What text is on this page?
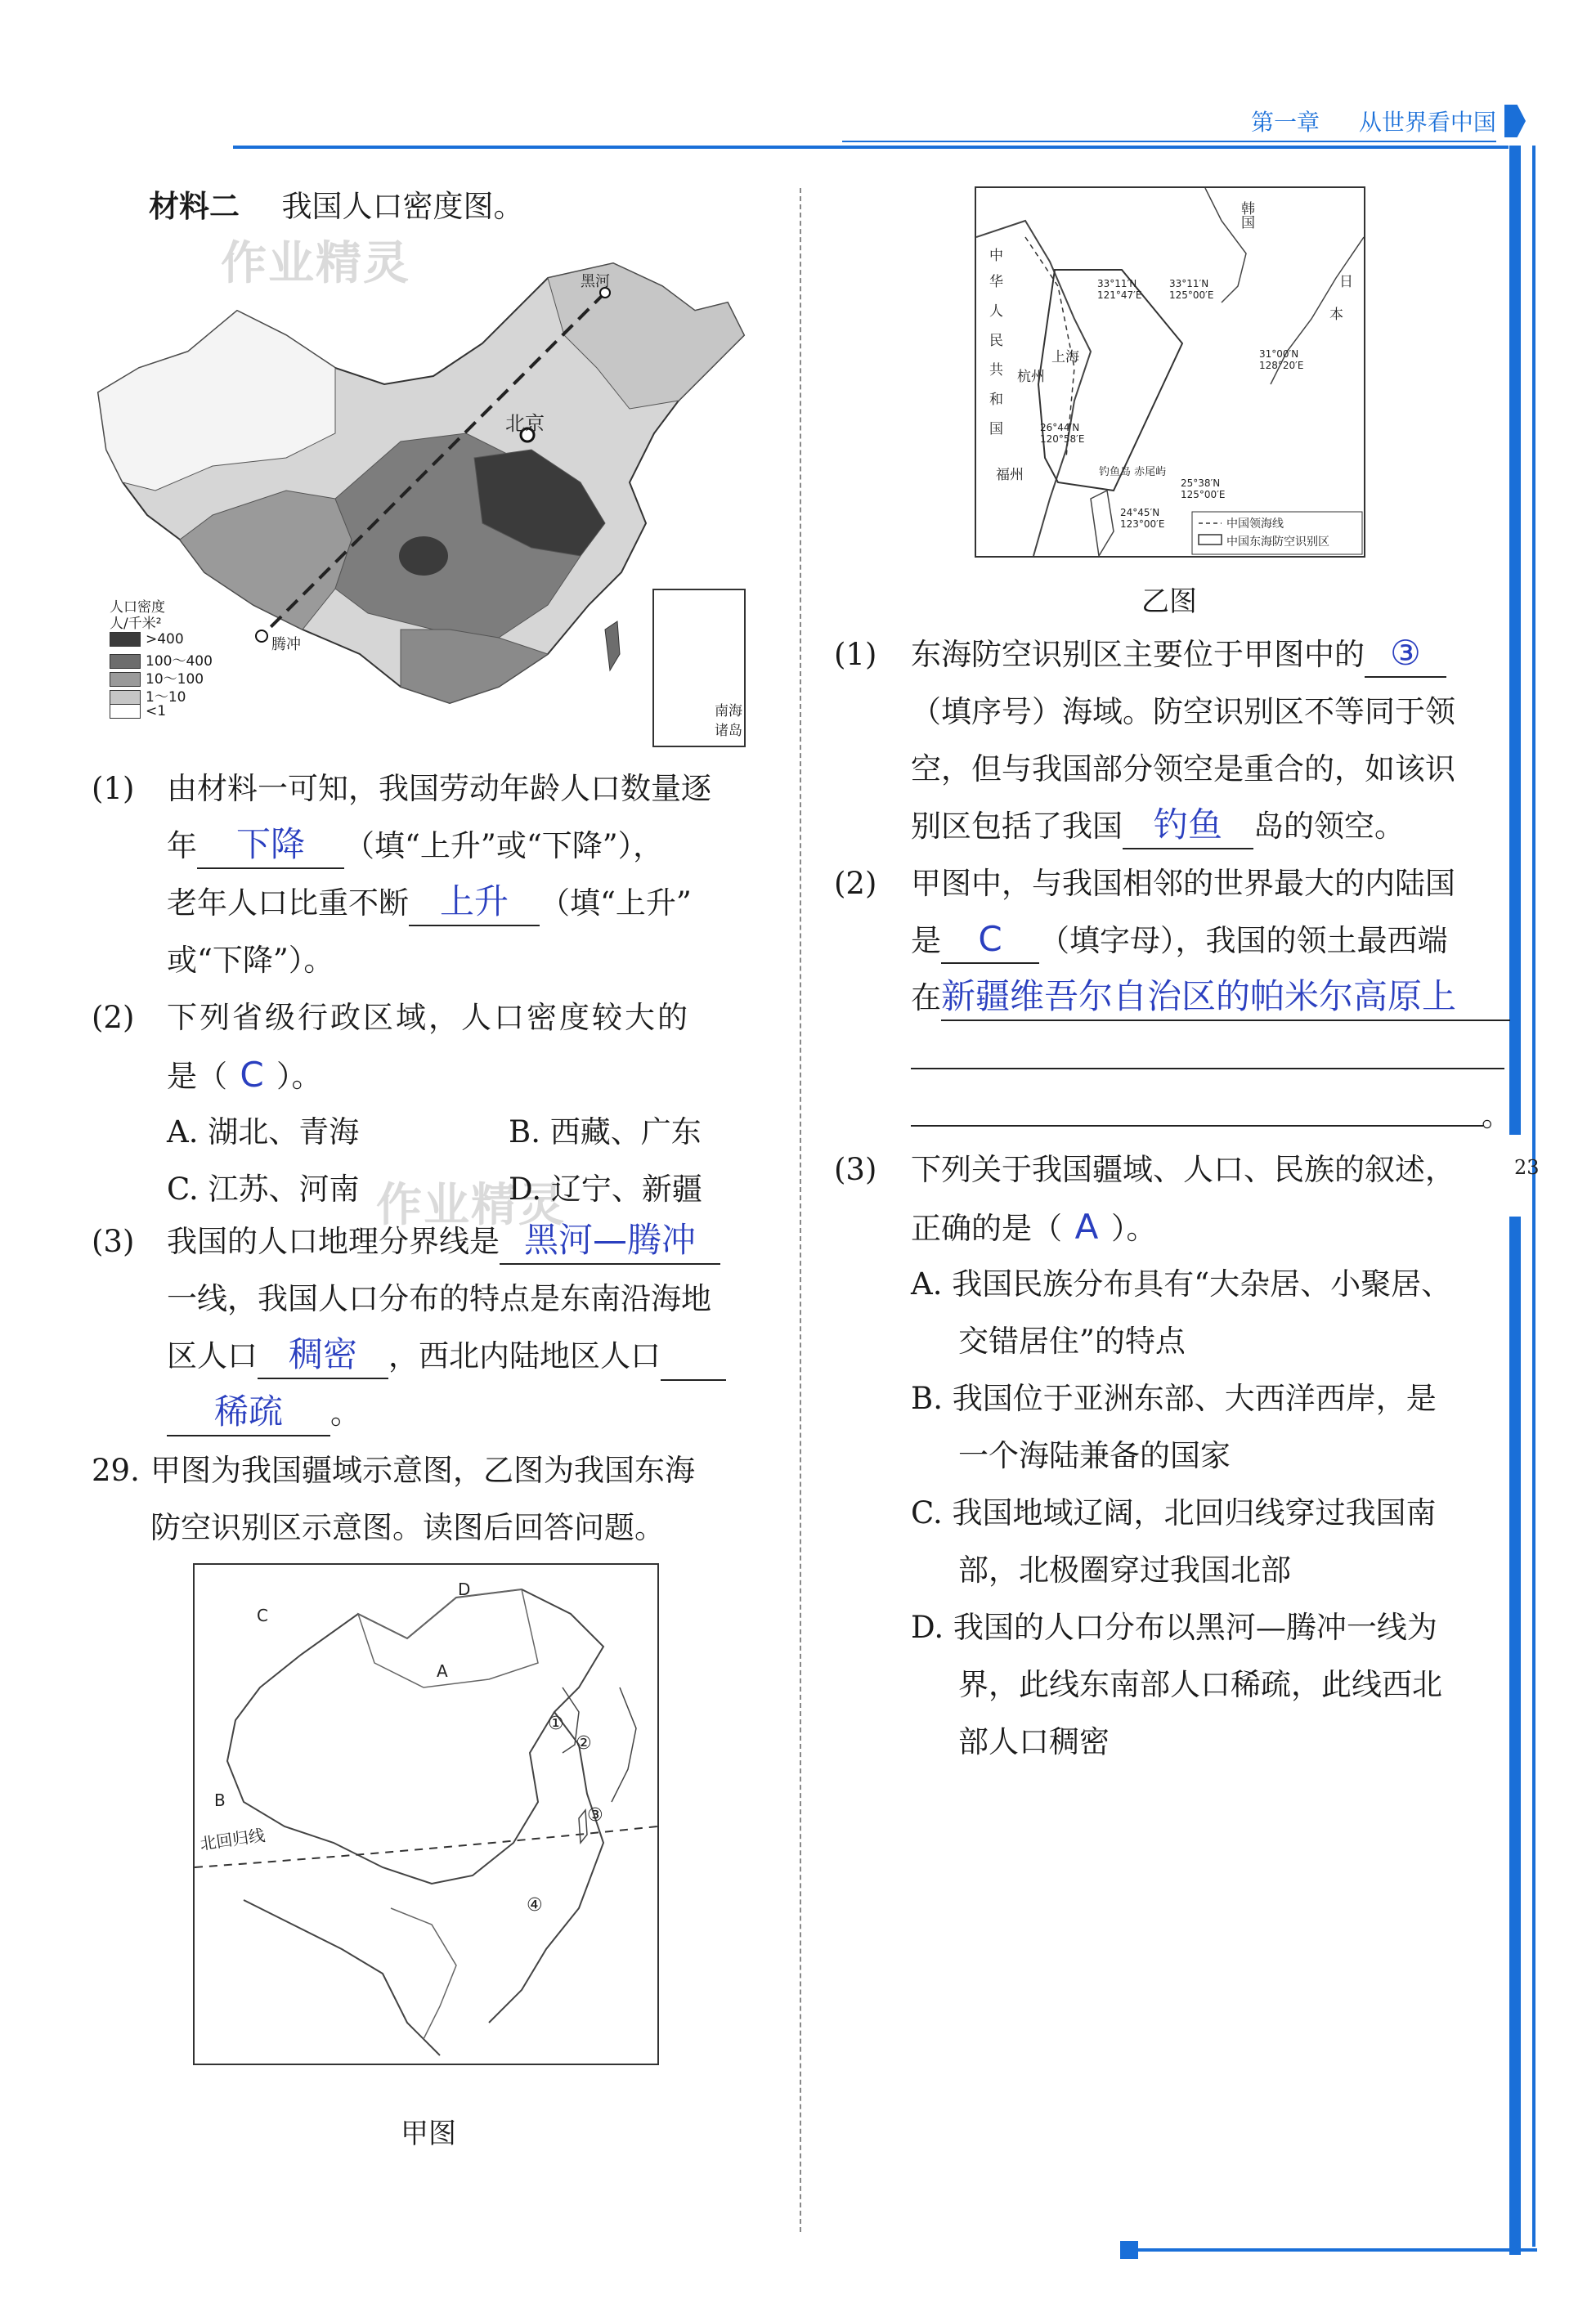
第一章 从世界看中国
23
作业精灵
作业精灵
材料二 我国人口密度图。
黑河
北京
腾冲
南海
诸岛
人口密度
人/千米²
>400
100～400
10～100
1～10
<1
(1) 由材料一可知，我国劳动年龄人口数量逐
年 下降 （填“上升”或“下降”），
老年人口比重不断 上升 （填“上升”
或“下降”）。
(2) 下列省级行政区域，人口密度较大的
是（ C ）。
A. 湖北、青海	B. 西藏、广东
C. 江苏、河南	D. 辽宁、新疆
(3) 我国的人口地理分界线是 黑河—腾冲
一线，我国人口分布的特点是东南沿海地
区人口 稠密 ，西北内陆地区人口
稀疏 。
29. 甲图为我国疆域示意图，乙图为我国东海
防空识别区示意图。读图后回答问题。
C
D
A
B
①
②
③
④
北回归线
甲图
韩国
日
本
中
华
人
民
共
和
国
上海
杭州
福州	钓鱼岛 赤尾屿
33°11′N
121°47′E
33°11′N
125°00′E
31°00′N
128°20′E
26°44′N
120°58′E
25°38′N
125°00′E
24°45′N
123°00′E	中国领海线
中国东海防空识别区
乙图
(1) 东海防空识别区主要位于甲图中的 ③
（填序号）海域。防空识别区不等同于领
空，但与我国部分领空是重合的，如该识
别区包括了我国 钓鱼 岛的领空。
(2) 甲图中，与我国相邻的世界最大的内陆国
是 C （填字母），我国的领土最西端
在新疆维吾尔自治区的帕米尔高原上
。
(3) 下列关于我国疆域、人口、民族的叙述，
正确的是（ A ）。
A. 我国民族分布具有“大杂居、小聚居、
交错居住”的特点
B. 我国位于亚洲东部、大西洋西岸，是
一个海陆兼备的国家
C. 我国地域辽阔，北回归线穿过我国南
部，北极圈穿过我国北部
D. 我国的人口分布以黑河—腾冲一线为
界，此线东南部人口稀疏，此线西北
部人口稠密
